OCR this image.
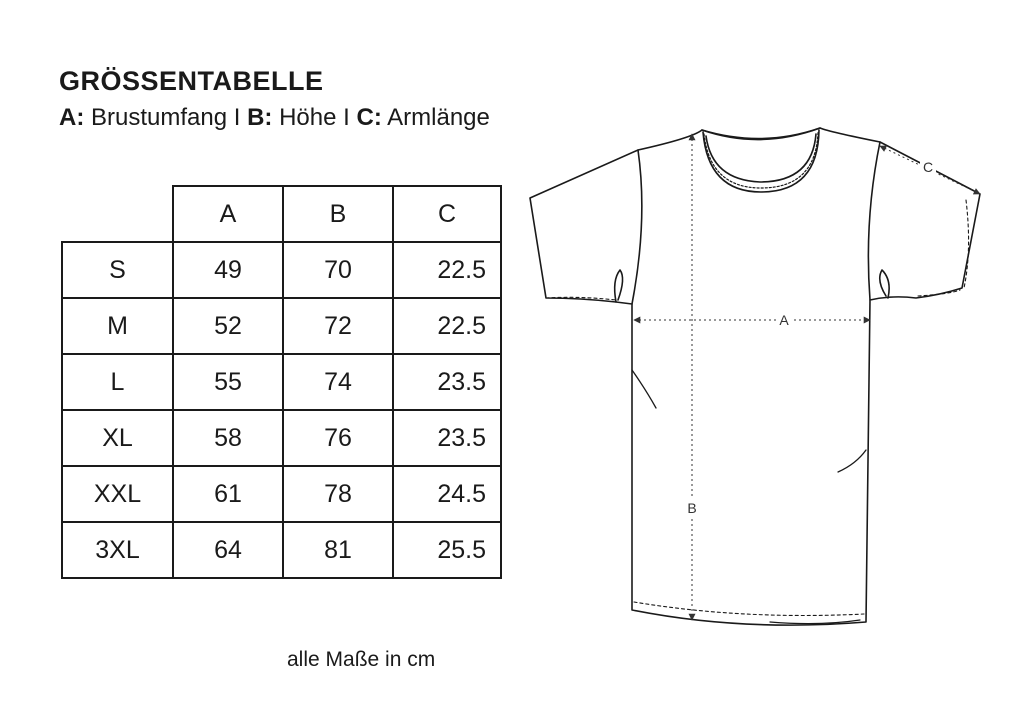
GRÖSSENTABELLE
A: Brustumfang I B: Höhe I C: Armlänge
	A	B	C
S	49	70	22.5
M	52	72	22.5
L	55	74	23.5
XL	58	76	23.5
XXL	61	78	24.5
3XL	64	81	25.5
A
B
C
alle Maße in cm
